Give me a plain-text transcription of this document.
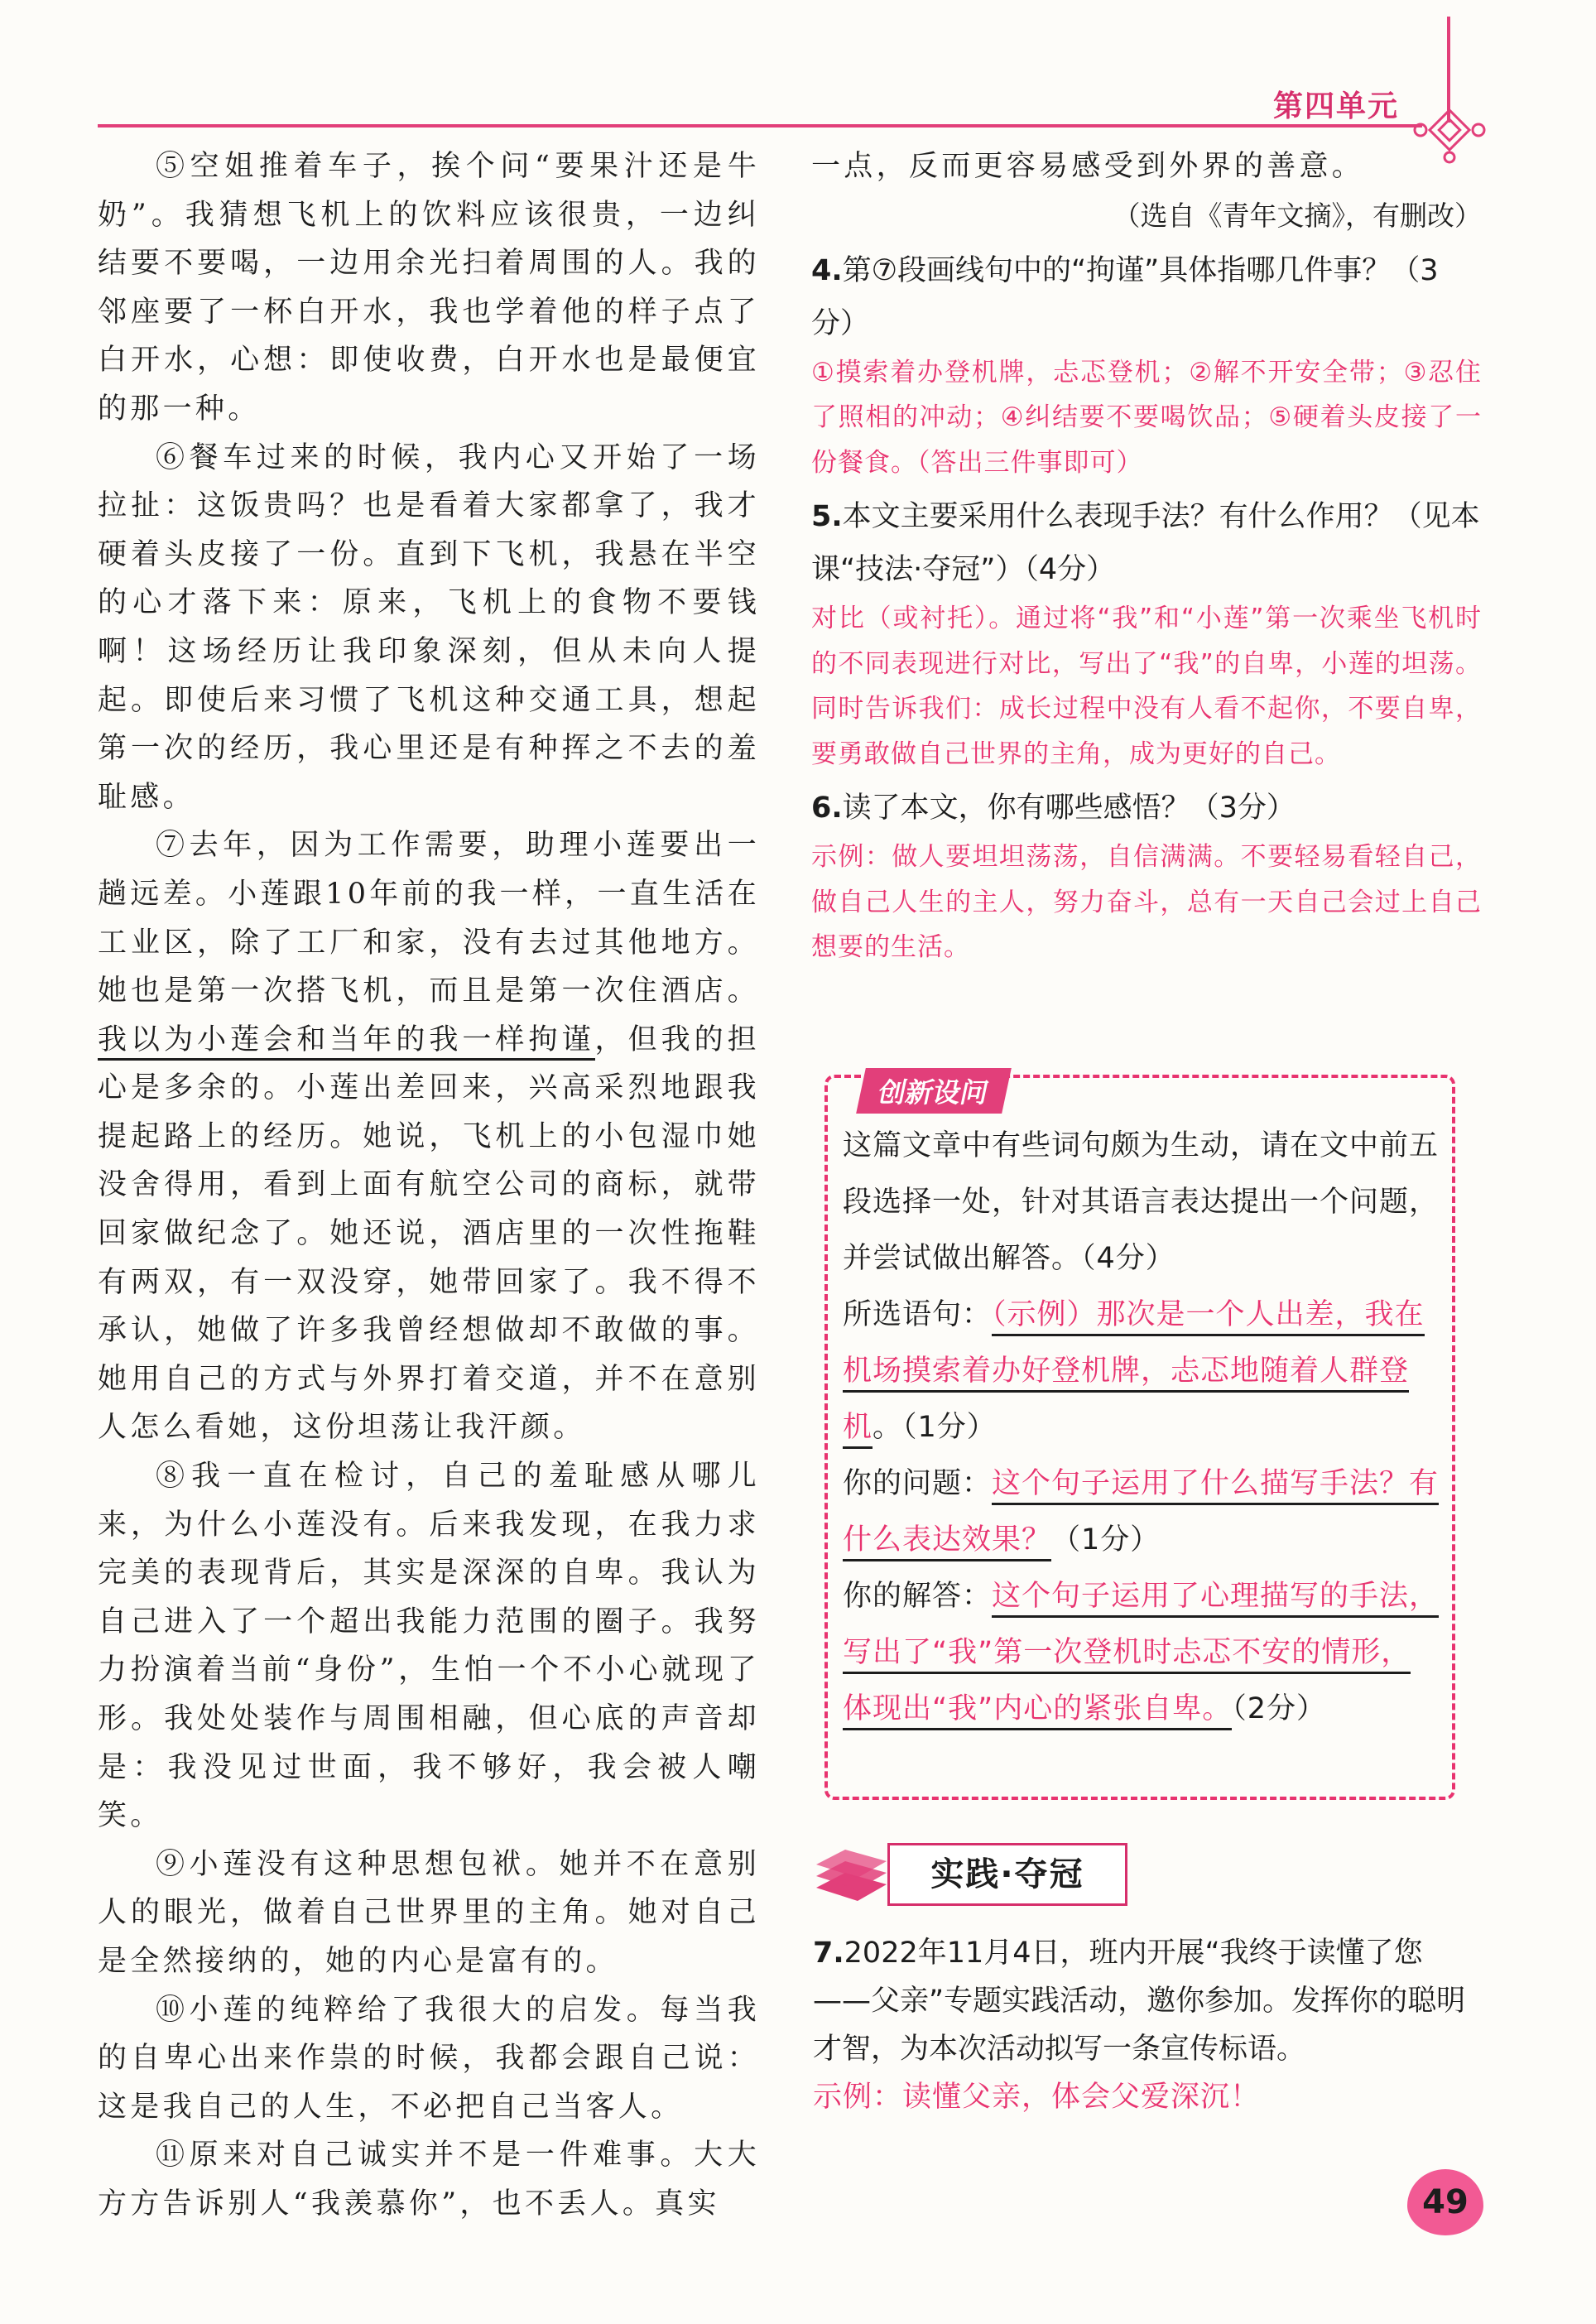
第四单元

⑤空姐推着车子，挨个问“要果汁还是牛奶”。我猜想飞机上的饮料应该很贵，一边纠结要不要喝，一边用余光扫着周围的人。我的邻座要了一杯白开水，我也学着他的样子点了白开水，心想：即使收费，白开水也是最便宜的那一种。

⑥餐车过来的时候，我内心又开始了一场拉扯：这饭贵吗？也是看着大家都拿了，我才硬着头皮接了一份。直到下飞机，我悬在半空的心才落下来：原来，飞机上的食物不要钱啊！这场经历让我印象深刻，但从未向人提起。即使后来习惯了飞机这种交通工具，想起第一次的经历，我心里还是有种挥之不去的羞耻感。

⑦去年，因为工作需要，助理小莲要出一趟远差。小莲跟10年前的我一样，一直生活在工业区，除了工厂和家，没有去过其他地方。她也是第一次搭飞机，而且是第一次住酒店。我以为小莲会和当年的我一样拘谨，但我的担心是多余的。小莲出差回来，兴高采烈地跟我提起路上的经历。她说，飞机上的小包湿巾她没舍得用，看到上面有航空公司的商标，就带回家做纪念了。她还说，酒店里的一次性拖鞋有两双，有一双没穿，她带回家了。我不得不承认，她做了许多我曾经想做却不敢做的事。她用自己的方式与外界打着交道，并不在意别人怎么看她，这份坦荡让我汗颜。

⑧我一直在检讨，自己的羞耻感从哪儿来，为什么小莲没有。后来我发现，在我力求完美的表现背后，其实是深深的自卑。我认为自己进入了一个超出我能力范围的圈子。我努力扮演着当前“身份”，生怕一个不小心就现了形。我处处装作与周围相融，但心底的声音却是：我没见过世面，我不够好，我会被人嘲笑。

⑨小莲没有这种思想包袱。她并不在意别人的眼光，做着自己世界里的主角。她对自己是全然接纳的，她的内心是富有的。

⑩小莲的纯粹给了我很大的启发。每当我的自卑心出来作祟的时候，我都会跟自己说：这是我自己的人生，不必把自己当客人。

⑪原来对自己诚实并不是一件难事。大大方方告诉别人“我羡慕你”，也不丢人。真实

一点，反而更容易感受到外界的善意。

（选自《青年文摘》，有删改）

4.第⑦段画线句中的“拘谨”具体指哪几件事？（3分）

①摸索着办登机牌，忐忑登机；②解不开安全带；③忍住了照相的冲动；④纠结要不要喝饮品；⑤硬着头皮接了一份餐食。（答出三件事即可）

5.本文主要采用什么表现手法？有什么作用？（见本课“技法·夺冠”）（4分）

对比（或衬托）。通过将“我”和“小莲”第一次乘坐飞机时的不同表现进行对比，写出了“我”的自卑，小莲的坦荡。同时告诉我们：成长过程中没有人看不起你，不要自卑，要勇敢做自己世界的主角，成为更好的自己。

6.读了本文，你有哪些感悟？（3分）

示例：做人要坦坦荡荡，自信满满。不要轻易看轻自己，做自己人生的主人，努力奋斗，总有一天自己会过上自己想要的生活。

创新设问

这篇文章中有些词句颇为生动，请在文中前五段选择一处，针对其语言表达提出一个问题，并尝试做出解答。（4分）

所选语句：（示例）那次是一个人出差，我在机场摸索着办好登机牌，忐忑地随着人群登机。（1分）

你的问题：这个句子运用了什么描写手法？有什么表达效果？（1分）

你的解答：这个句子运用了心理描写的手法，写出了“我”第一次登机时忐忑不安的情形，体现出“我”内心的紧张自卑。（2分）

实践·夺冠

7.2022年11月4日，班内开展“我终于读懂了您——父亲”专题实践活动，邀你参加。发挥你的聪明才智，为本次活动拟写一条宣传标语。

示例：读懂父亲，体会父爱深沉！

49
